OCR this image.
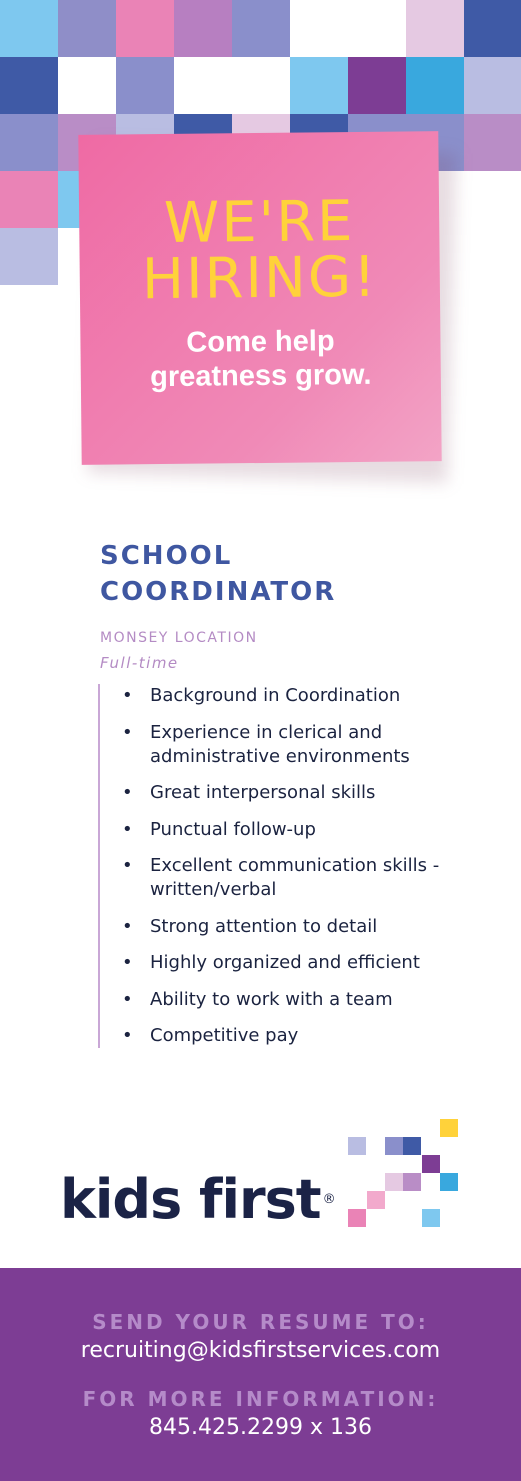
WE'RE
HIRING!
Come help
greatness grow.
SCHOOL
COORDINATOR
MONSEY LOCATION
Full-time
• Background in Coordination
• Experience in clerical and administrative environments
• Great interpersonal skills
• Punctual follow-up
• Excellent communication skills - written/verbal
• Strong attention to detail
• Highly organized and efficient
• Ability to work with a team
• Competitive pay
kids first ®
SEND YOUR RESUME TO:
recruiting@kidsfirstservices.com
FOR MORE INFORMATION:
845.425.2299 x 136
